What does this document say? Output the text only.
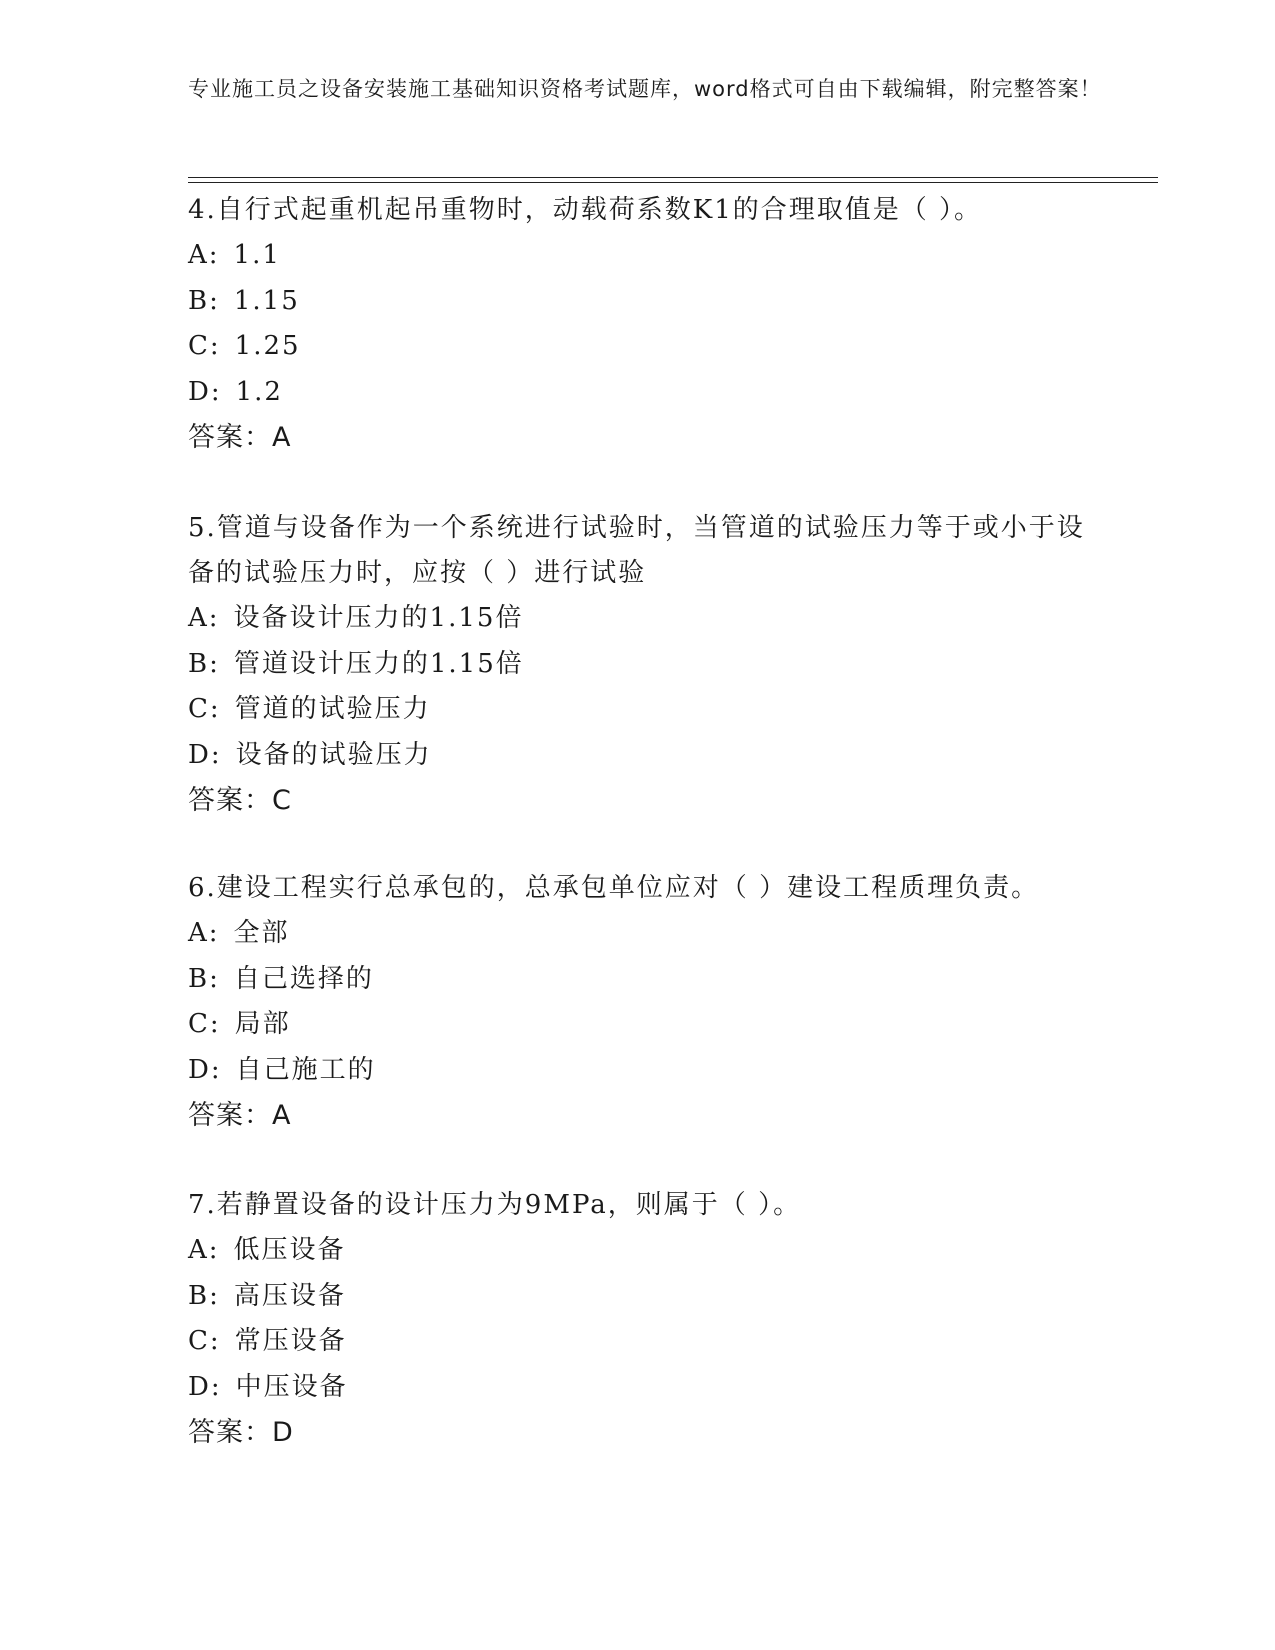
专业施工员之设备安装施工基础知识资格考试题库，word格式可自由下载编辑，附完整答案！

4.自行式起重机起吊重物时，动载荷系数K1的合理取值是（ ）。

A: 1.1
B: 1.15
C: 1.25
D: 1.2

答案：A

5.管道与设备作为一个系统进行试验时，当管道的试验压力等于或小于设备的试验压力时，应按（ ）进行试验

A: 设备设计压力的1.15倍
B: 管道设计压力的1.15倍
C: 管道的试验压力
D: 设备的试验压力

答案：C

6.建设工程实行总承包的，总承包单位应对（ ）建设工程质理负责。

A: 全部
B: 自己选择的
C: 局部
D: 自己施工的

答案：A

7.若静置设备的设计压力为9MPa，则属于（ ）。

A: 低压设备
B: 高压设备
C: 常压设备
D: 中压设备

答案：D
